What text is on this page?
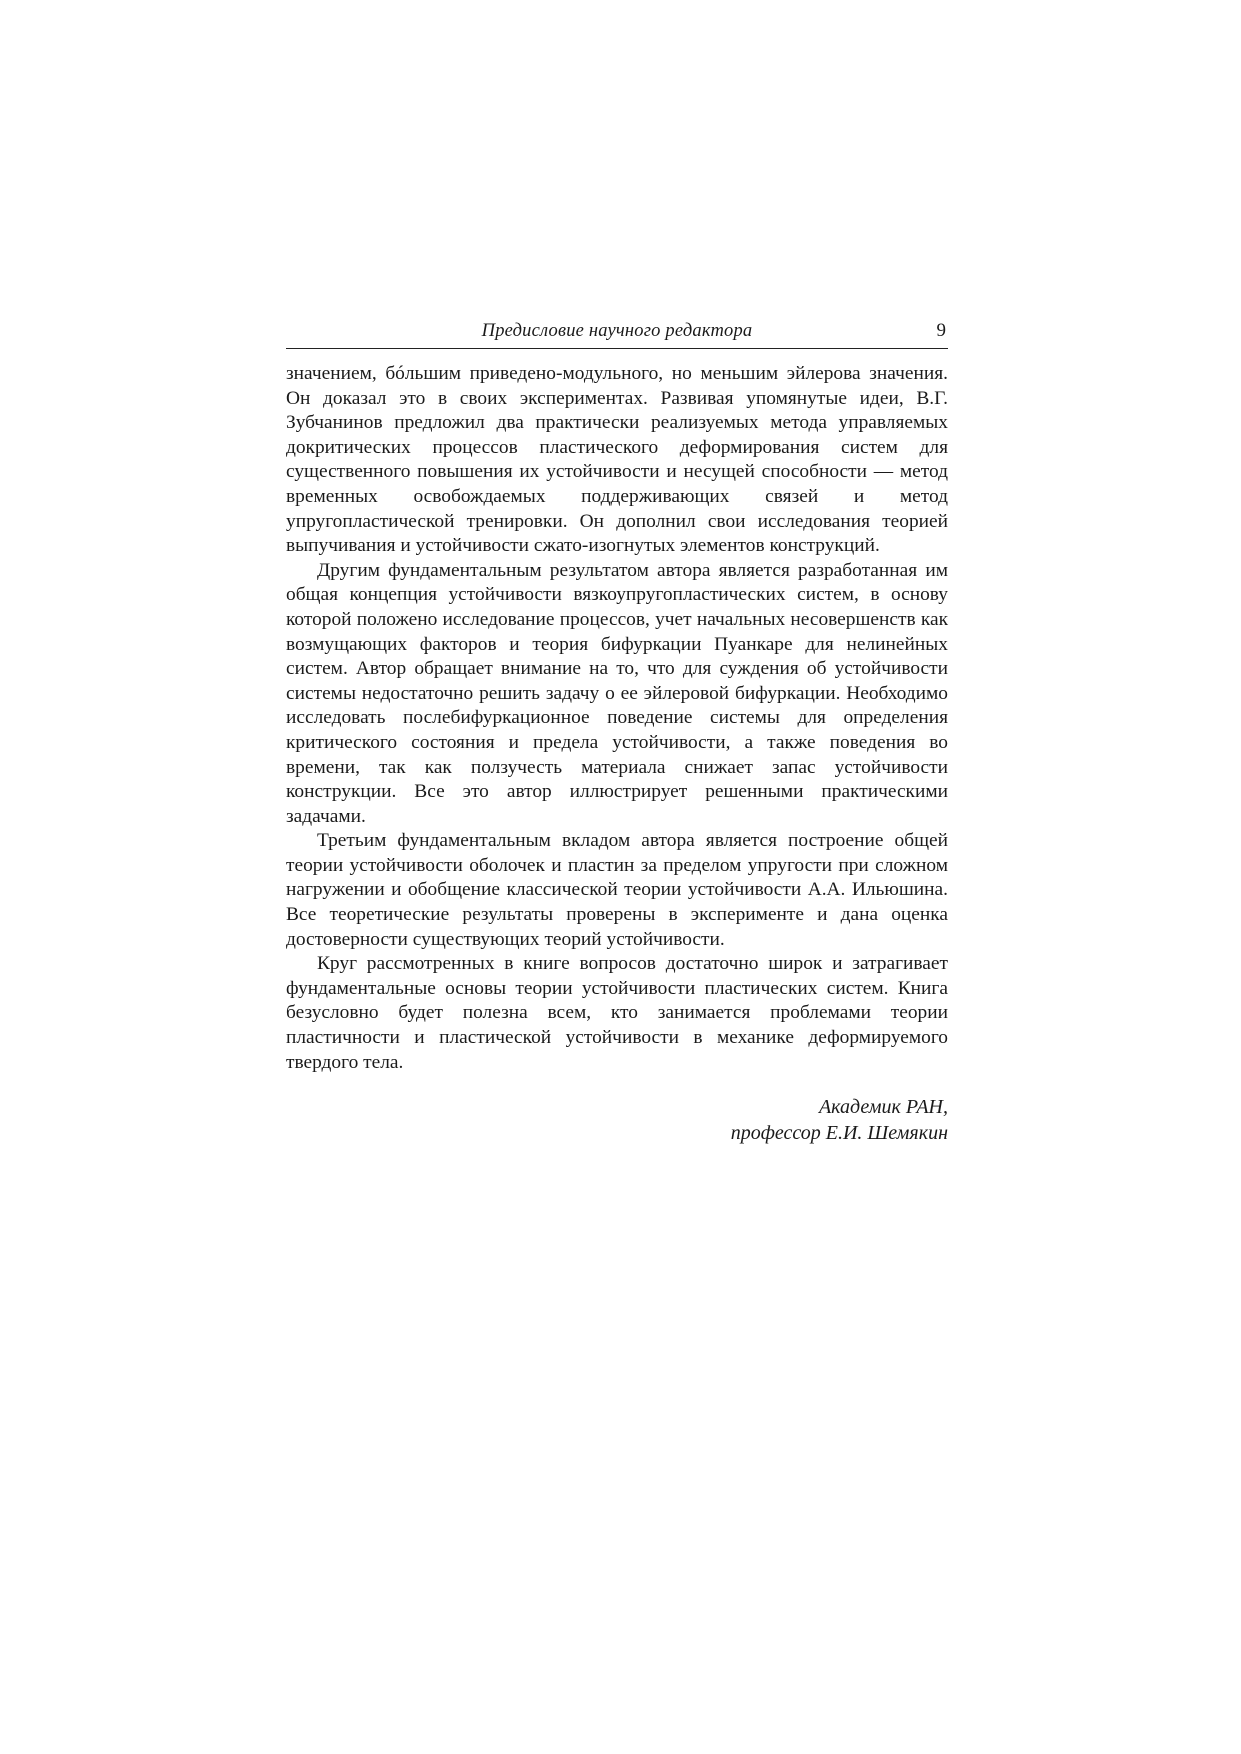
Предисловие научного редактора	9

значением, бóльшим приведено-модульного, но меньшим эйлерова значения. Он доказал это в своих экспериментах. Развивая упомянутые идеи, В.Г. Зубчанинов предложил два практически реализуемых метода управляемых докритических процессов пластического деформирования систем для существенного повышения их устойчивости и несущей способности — метод временных освобождаемых поддерживающих связей и метод упругопластической тренировки. Он дополнил свои исследования теорией выпучивания и устойчивости сжато-изогнутых элементов конструкций.

Другим фундаментальным результатом автора является разработанная им общая концепция устойчивости вязкоупругопластических систем, в основу которой положено исследование процессов, учет начальных несовершенств как возмущающих факторов и теория бифуркации Пуанкаре для нелинейных систем. Автор обращает внимание на то, что для суждения об устойчивости системы недостаточно решить задачу о ее эйлеровой бифуркации. Необходимо исследовать послебифуркационное поведение системы для определения критического состояния и предела устойчивости, а также поведения во времени, так как ползучесть материала снижает запас устойчивости конструкции. Все это автор иллюстрирует решенными практическими задачами.

Третьим фундаментальным вкладом автора является построение общей теории устойчивости оболочек и пластин за пределом упругости при сложном нагружении и обобщение классической теории устойчивости А.А. Ильюшина. Все теоретические результаты проверены в эксперименте и дана оценка достоверности существующих теорий устойчивости.

Круг рассмотренных в книге вопросов достаточно широк и затрагивает фундаментальные основы теории устойчивости пластических систем. Книга безусловно будет полезна всем, кто занимается проблемами теории пластичности и пластической устойчивости в механике деформируемого твердого тела.

Академик РАН,
профессор Е.И. Шемякин
